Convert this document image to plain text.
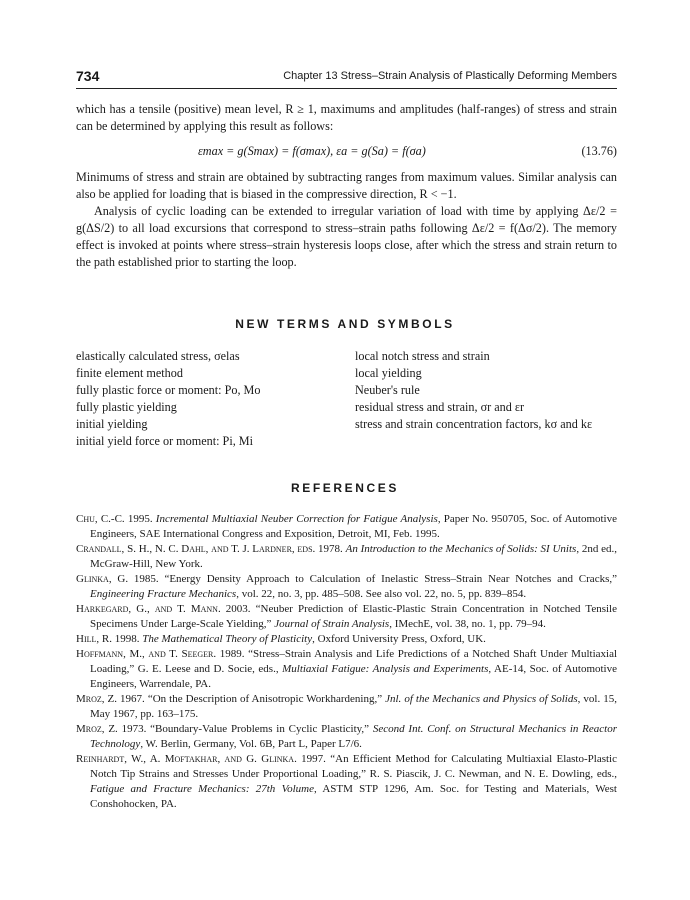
734	Chapter 13 Stress–Strain Analysis of Plastically Deforming Members

which has a tensile (positive) mean level, R ≥ 1, maximums and amplitudes (half-ranges) of stress and strain can be determined by applying this result as follows:

εmax = g(Smax) = f(σmax), εa = g(Sa) = f(σa)	(13.76)

Minimums of stress and strain are obtained by subtracting ranges from maximum values. Similar analysis can also be applied for loading that is biased in the compressive direction, R < −1.

Analysis of cyclic loading can be extended to irregular variation of load with time by applying Δε/2 = g(ΔS/2) to all load excursions that correspond to stress–strain paths following Δε/2 = f(Δσ/2). The memory effect is invoked at points where stress–strain hysteresis loops close, after which the stress and strain return to the path established prior to starting the loop.

NEW TERMS AND SYMBOLS
elastically calculated stress, σelas
finite element method
fully plastic force or moment: Po, Mo
fully plastic yielding
initial yielding
initial yield force or moment: Pi, Mi
local notch stress and strain
local yielding
Neuber's rule
residual stress and strain, σr and εr
stress and strain concentration factors, kσ and kε
REFERENCES
Chu, C.-C. 1995. Incremental Multiaxial Neuber Correction for Fatigue Analysis, Paper No. 950705, Soc. of Automotive Engineers, SAE International Congress and Exposition, Detroit, MI, Feb. 1995.
Crandall, S. H., N. C. Dahl, and T. J. Lardner, eds. 1978. An Introduction to the Mechanics of Solids: SI Units, 2nd ed., McGraw-Hill, New York.
Glinka, G. 1985. “Energy Density Approach to Calculation of Inelastic Stress–Strain Near Notches and Cracks,” Engineering Fracture Mechanics, vol. 22, no. 3, pp. 485–508. See also vol. 22, no. 5, pp. 839–854.
Harkegard, G., and T. Mann. 2003. “Neuber Prediction of Elastic-Plastic Strain Concentration in Notched Tensile Specimens Under Large-Scale Yielding,” Journal of Strain Analysis, IMechE, vol. 38, no. 1, pp. 79–94.
Hill, R. 1998. The Mathematical Theory of Plasticity, Oxford University Press, Oxford, UK.
Hoffmann, M., and T. Seeger. 1989. “Stress–Strain Analysis and Life Predictions of a Notched Shaft Under Multiaxial Loading,” G. E. Leese and D. Socie, eds., Multiaxial Fatigue: Analysis and Experiments, AE-14, Soc. of Automotive Engineers, Warrendale, PA.
Mroz, Z. 1967. “On the Description of Anisotropic Workhardening,” Jnl. of the Mechanics and Physics of Solids, vol. 15, May 1967, pp. 163–175.
Mroz, Z. 1973. “Boundary-Value Problems in Cyclic Plasticity,” Second Int. Conf. on Structural Mechanics in Reactor Technology, W. Berlin, Germany, Vol. 6B, Part L, Paper L7/6.
Reinhardt, W., A. Moftakhar, and G. Glinka. 1997. “An Efficient Method for Calculating Multiaxial Elasto-Plastic Notch Tip Strains and Stresses Under Proportional Loading,” R. S. Piascik, J. C. Newman, and N. E. Dowling, eds., Fatigue and Fracture Mechanics: 27th Volume, ASTM STP 1296, Am. Soc. for Testing and Materials, West Conshohocken, PA.
